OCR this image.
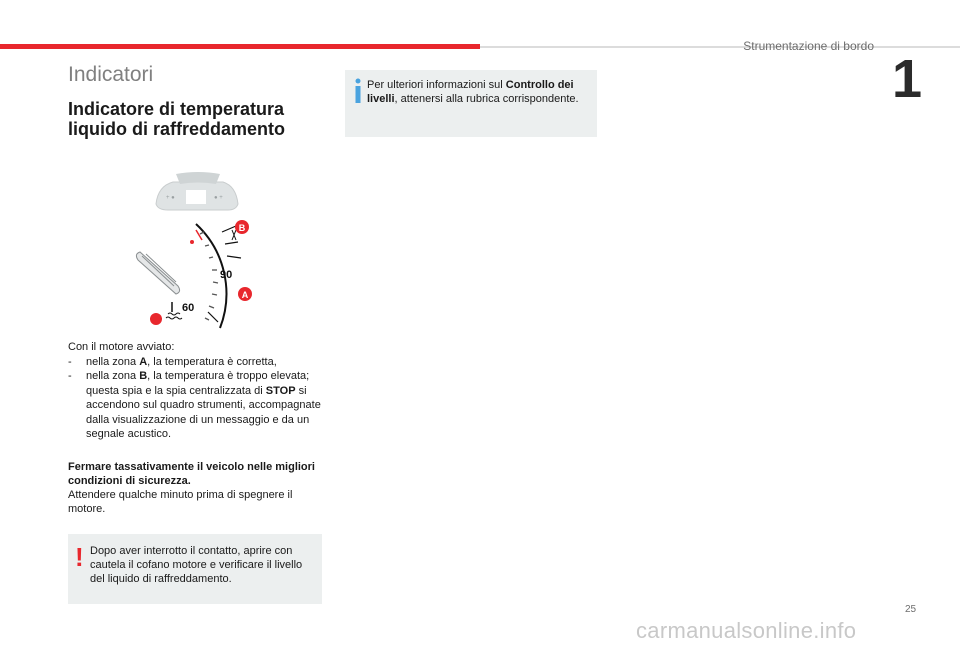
Strumentazione di bordo
1
Indicatori
Indicatore di temperatura liquido di raffreddamento
+ ●	● +
90
60
B
A

Con il motore avviato:

-	nella zona A, la temperatura è corretta,
-	nella zona B, la temperatura è troppo elevata; questa spia e la spia centralizzata di STOP si accendono sul quadro strumenti, accompagnate dalla visualizzazione di un messaggio e da un segnale acustico.

Fermare tassativamente il veicolo nelle migliori condizioni di sicurezza.

Attendere qualche minuto prima di spegnere il motore.

! Dopo aver interrotto il contatto, aprire con cautela il cofano motore e verificare il livello del liquido di raffreddamento.
Per ulteriori informazioni sul Controllo dei livelli, attenersi alla rubrica corrispondente.
25
carmanualsonline.info
